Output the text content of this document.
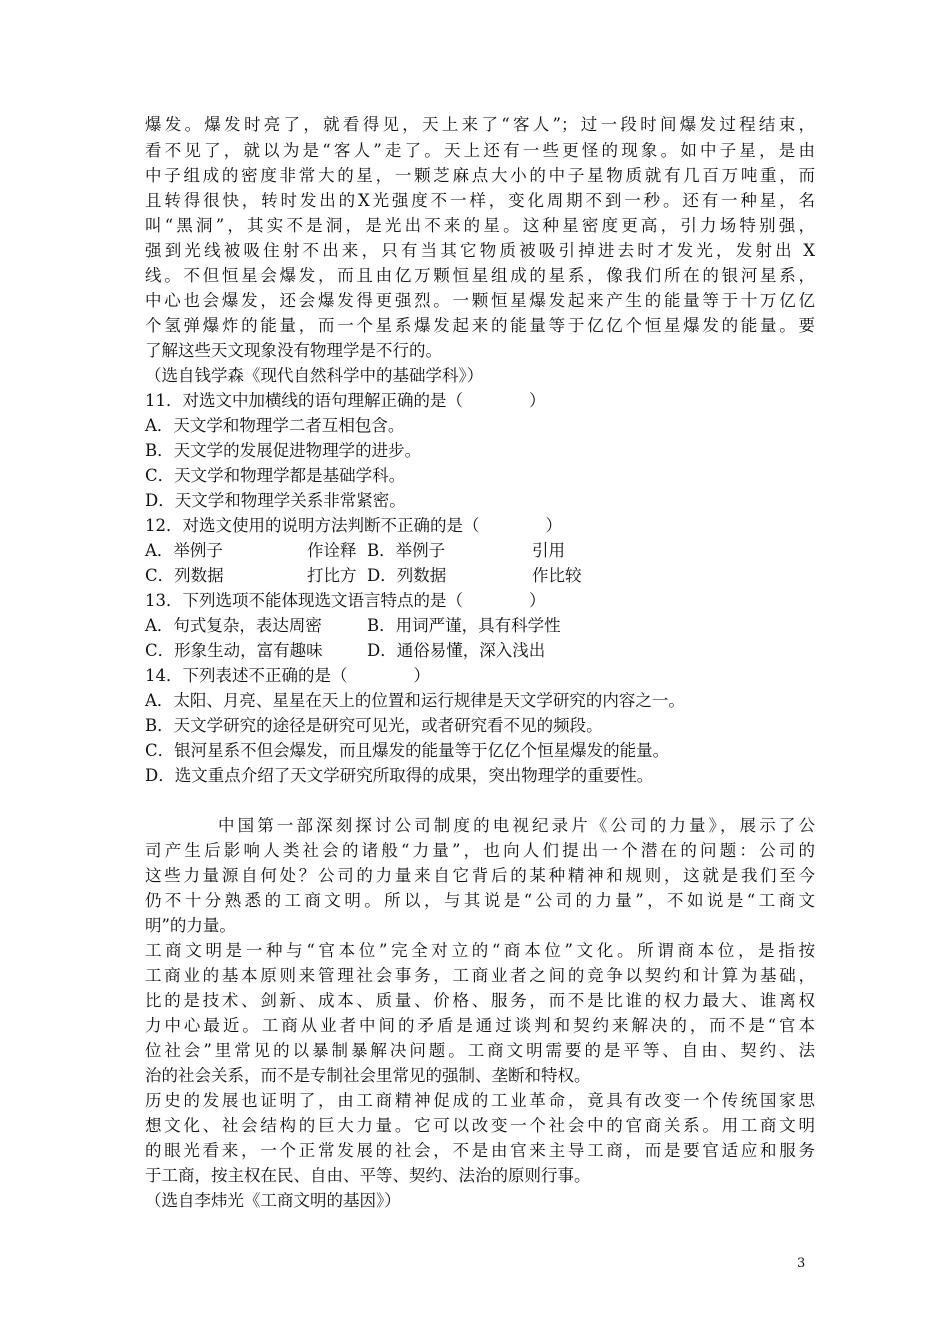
爆发。爆发时亮了，就看得见，天上来了“客人”；过一段时间爆发过程结束，
看不见了，就以为是“客人”走了。天上还有一些更怪的现象。如中子星，是由
中子组成的密度非常大的星，一颗芝麻点大小的中子星物质就有几百万吨重，而
且转得很快，转时发出的X光强度不一样，变化周期不到一秒。还有一种星，名
叫“黑洞”，其实不是洞，是光出不来的星。这种星密度更高，引力场特别强，
强到光线被吸住射不出来，只有当其它物质被吸引掉进去时才发光，发射出 X
线。不但恒星会爆发，而且由亿万颗恒星组成的星系，像我们所在的银河星系，
中心也会爆发，还会爆发得更强烈。一颗恒星爆发起来产生的能量等于十万亿亿
个氢弹爆炸的能量，而一个星系爆发起来的能量等于亿亿个恒星爆发的能量。要
了解这些天文现象没有物理学是不行的。
（选自钱学森《现代自然科学中的基础学科》）
11．对选文中加横线的语句理解正确的是（　　　　）
A．天文学和物理学二者互相包含。
B．天文学的发展促进物理学的进步。
C．天文学和物理学都是基础学科。
D．天文学和物理学关系非常紧密。
12．对选文使用的说明方法判断不正确的是（　　　　）
A．举例子	作诠释 B．举例子	引用
C．列数据	打比方 D．列数据	作比较
13．下列选项不能体现选文语言特点的是（　　　　）
A．句式复杂，表达周密	B．用词严谨，具有科学性
C．形象生动，富有趣味	D．通俗易懂，深入浅出
14．下列表述不正确的是（　　　　）
A．太阳、月亮、星星在天上的位置和运行规律是天文学研究的内容之一。
B．天文学研究的途径是研究可见光，或者研究看不见的频段。
C．银河星系不但会爆发，而且爆发的能量等于亿亿个恒星爆发的能量。
D．选文重点介绍了天文学研究所取得的成果，突出物理学的重要性。
中国第一部深刻探讨公司制度的电视纪录片《公司的力量》，展示了公
司产生后影响人类社会的诸般“力量”，也向人们提出一个潜在的问题：公司的
这些力量源自何处？公司的力量来自它背后的某种精神和规则，这就是我们至今
仍不十分熟悉的工商文明。所以，与其说是“公司的力量”，不如说是“工商文
明”的力量。
工商文明是一种与“官本位”完全对立的“商本位”文化。所谓商本位，是指按
工商业的基本原则来管理社会事务，工商业者之间的竞争以契约和计算为基础，
比的是技术、剑新、成本、质量、价格、服务，而不是比谁的权力最大、谁离权
力中心最近。工商从业者中间的矛盾是通过谈判和契约来解决的，而不是“官本
位社会”里常见的以暴制暴解决问题。工商文明需要的是平等、自由、契约、法
治的社会关系，而不是专制社会里常见的强制、垄断和特权。
历史的发展也证明了，由工商精神促成的工业革命，竟具有改变一个传统国家思
想文化、社会结构的巨大力量。它可以改变一个社会中的官商关系。用工商文明
的眼光看来，一个正常发展的社会，不是由官来主导工商，而是要官适应和服务
于工商，按主权在民、自由、平等、契约、法治的原则行事。
（选自李炜光《工商文明的基因》）
3
